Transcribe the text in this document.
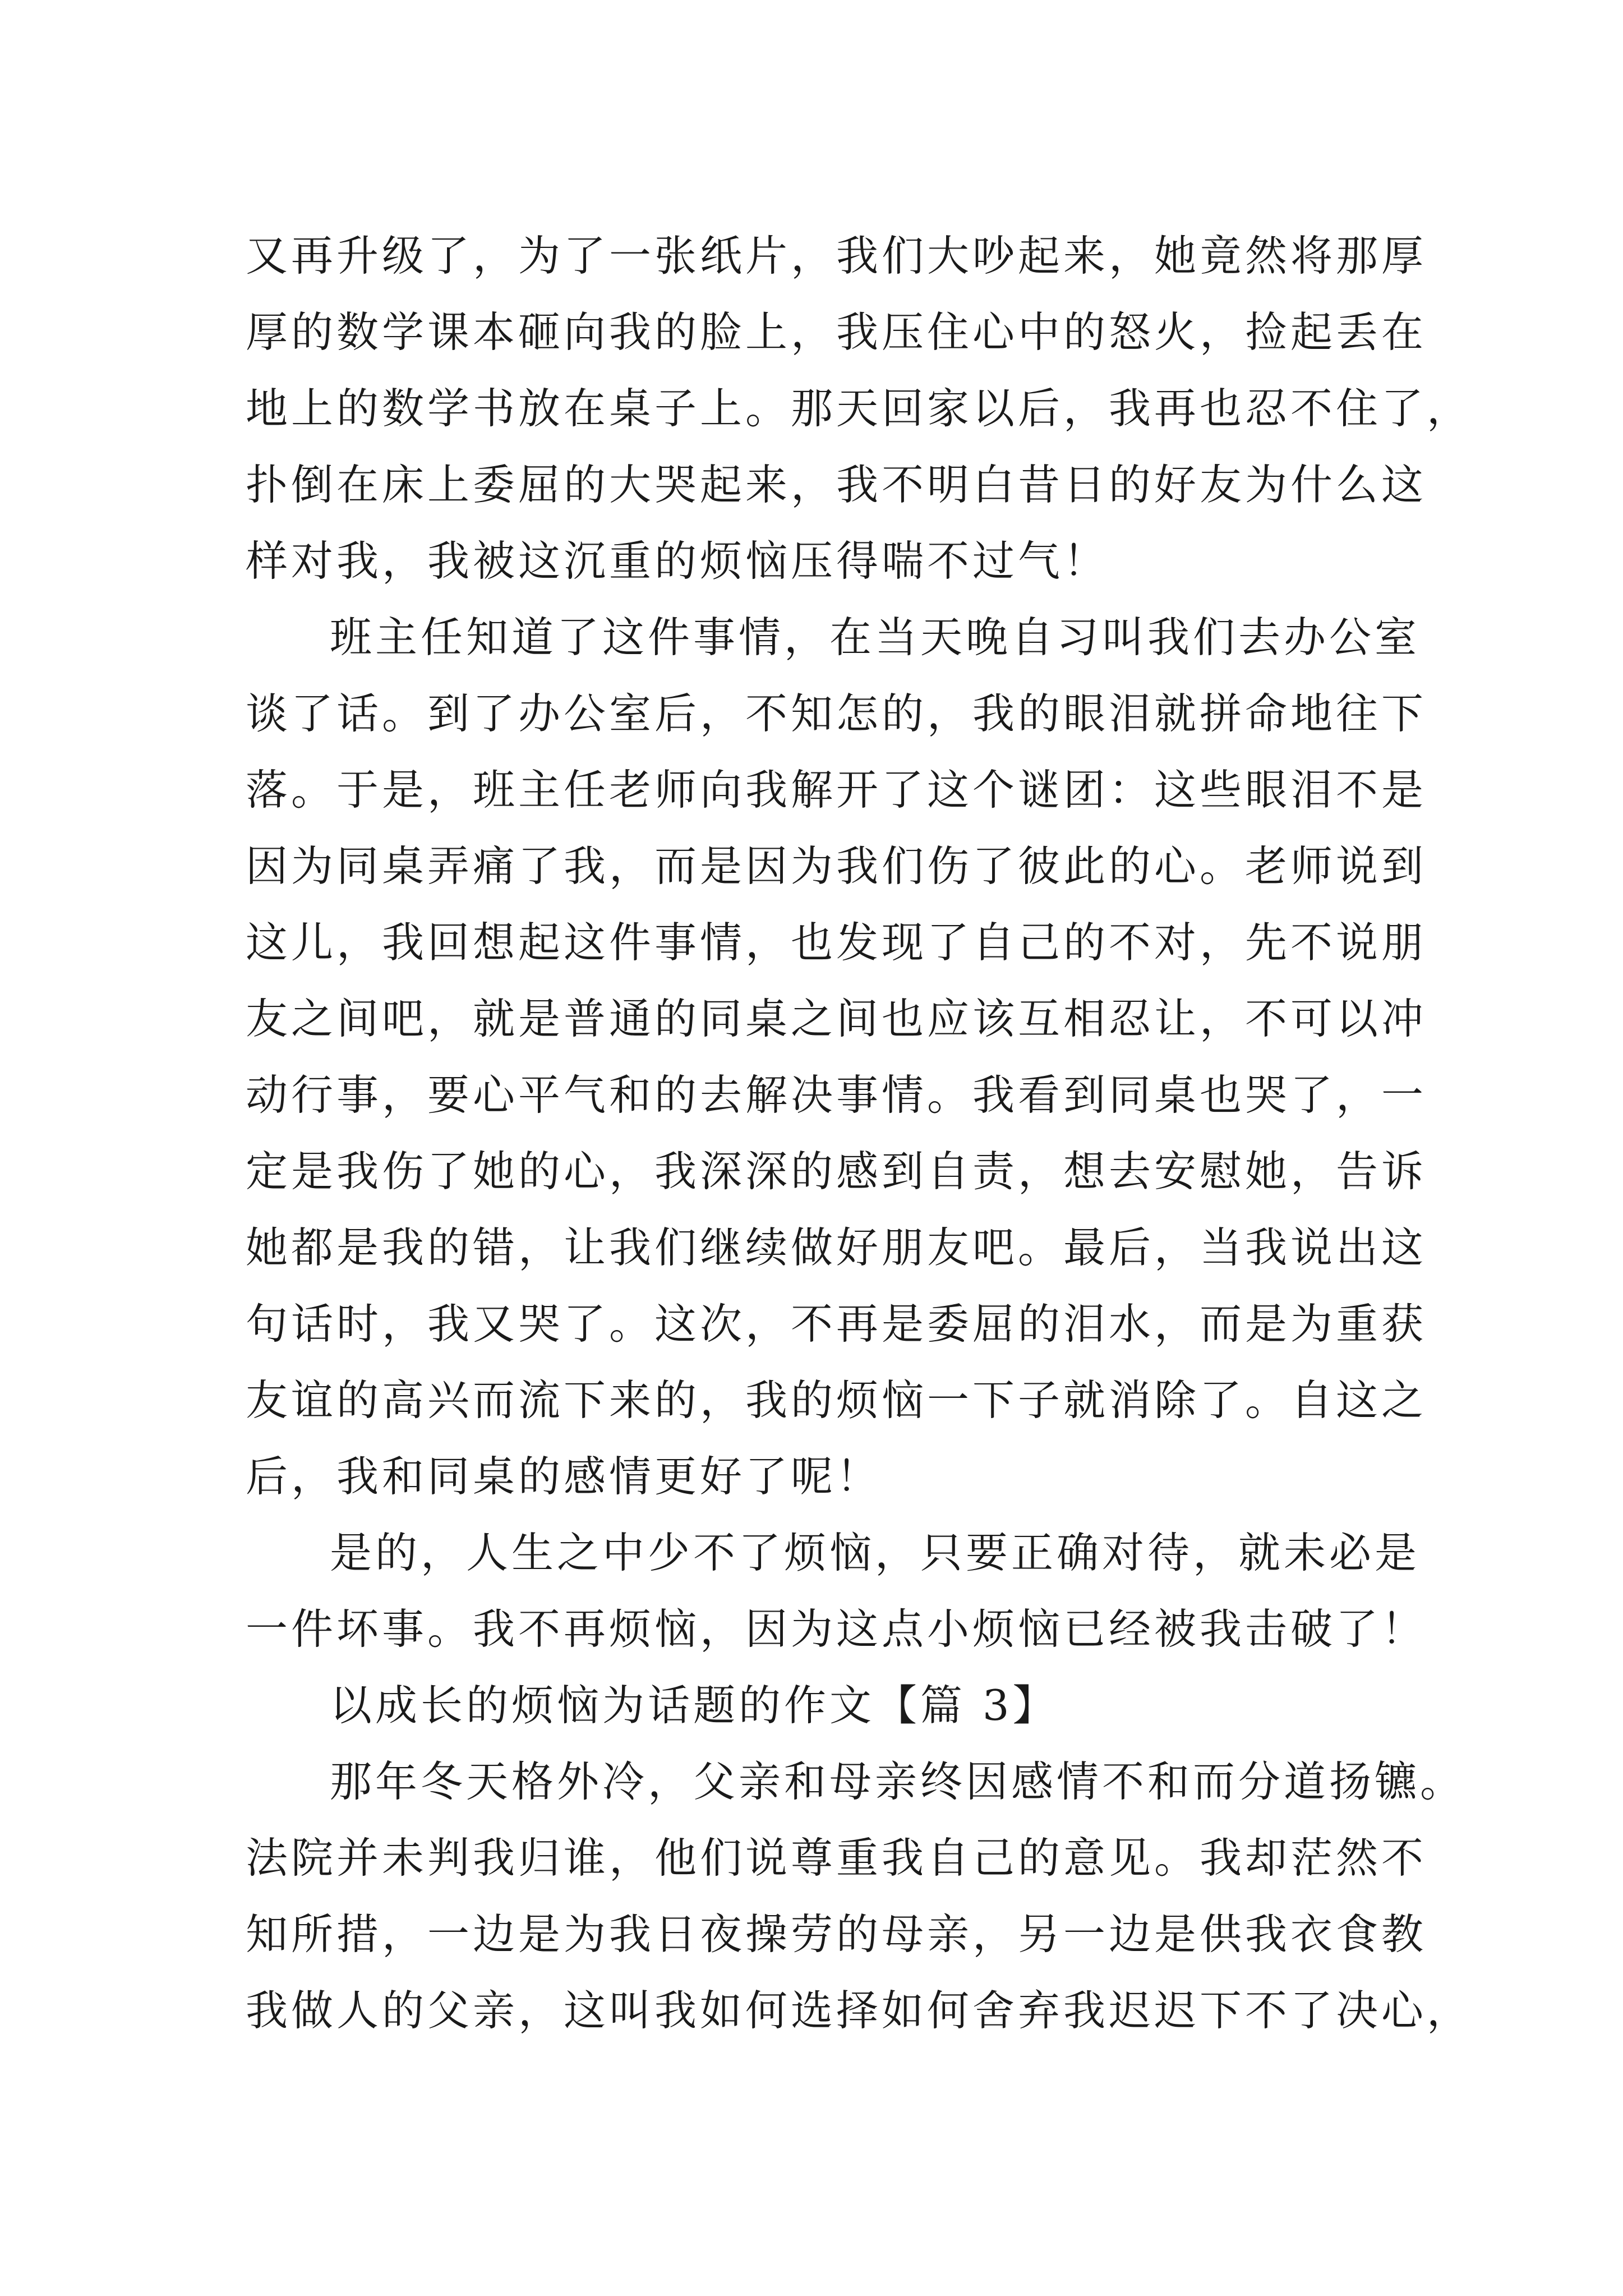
又再升级了，为了一张纸片，我们大吵起来，她竟然将那厚
厚的数学课本砸向我的脸上，我压住心中的怒火，捡起丢在
地上的数学书放在桌子上。那天回家以后，我再也忍不住了，
扑倒在床上委屈的大哭起来，我不明白昔日的好友为什么这
样对我，我被这沉重的烦恼压得喘不过气！
班主任知道了这件事情，在当天晚自习叫我们去办公室
谈了话。到了办公室后，不知怎的，我的眼泪就拼命地往下
落。于是，班主任老师向我解开了这个谜团：这些眼泪不是
因为同桌弄痛了我，而是因为我们伤了彼此的心。老师说到
这儿，我回想起这件事情，也发现了自己的不对，先不说朋
友之间吧，就是普通的同桌之间也应该互相忍让，不可以冲
动行事，要心平气和的去解决事情。我看到同桌也哭了，一
定是我伤了她的心，我深深的感到自责，想去安慰她，告诉
她都是我的错，让我们继续做好朋友吧。最后，当我说出这
句话时，我又哭了。这次，不再是委屈的泪水，而是为重获
友谊的高兴而流下来的，我的烦恼一下子就消除了。自这之
后，我和同桌的感情更好了呢！
是的，人生之中少不了烦恼，只要正确对待，就未必是
一件坏事。我不再烦恼，因为这点小烦恼已经被我击破了！
以成长的烦恼为话题的作文【篇 3】
那年冬天格外冷，父亲和母亲终因感情不和而分道扬镳。
法院并未判我归谁，他们说尊重我自己的意见。我却茫然不
知所措，一边是为我日夜操劳的母亲，另一边是供我衣食教
我做人的父亲，这叫我如何选择如何舍弃我迟迟下不了决心，
